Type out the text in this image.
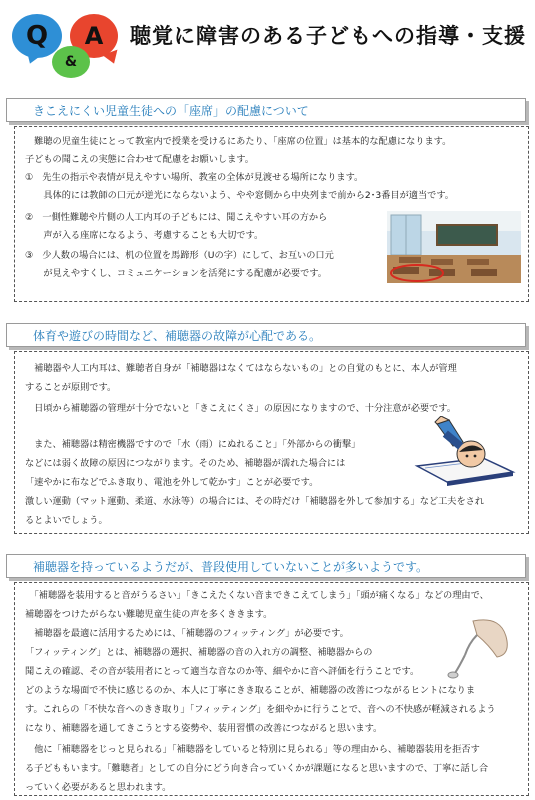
Q A
&
聴覚に障害のある子どもへの指導・支援
きこえにくい児童生徒への「座席」の配慮について
　難聴の児童生徒にとって教室内で授業を受けるにあたり、「座席の位置」は基本的な配慮になります。
子どもの聞こえの実態に合わせて配慮をお願いします。
①　先生の指示や表情が見えやすい場所、教室の全体が見渡せる場所になります。
　　具体的には教師の口元が逆光にならないよう、やや窓側から中央列まで前から2･3番目が適当です。
②　一側性難聴や片側の人工内耳の子どもには、聞こえやすい耳の方から
　　声が入る座席になるよう、考慮することも大切です。
③　少人数の場合には、机の位置を馬蹄形（Uの字）にして、お互いの口元
　　が見えやすくし、コミュニケーションを活発にする配慮が必要です。
体育や遊びの時間など、補聴器の故障が心配である。
　補聴器や人工内耳は、難聴者自身が「補聴器はなくてはならないもの」との自覚のもとに、本人が管理
することが原則です。
　日頃から補聴器の管理が十分でないと「きこえにくさ」の原因になりますので、十分注意が必要です。
　また、補聴器は精密機器ですので「水（雨）にぬれること」「外部からの衝撃」
などには弱く故障の原因につながります。そのため、補聴器が濡れた場合には
「速やかに布などでふき取り、電池を外して乾かす」ことが必要です。
激しい運動（マット運動、柔道、水泳等）の場合には、その時だけ「補聴器を外して参加する」など工夫をされ
るとよいでしょう。
補聴器を持っているようだが、普段使用していないことが多いようです。
　「補聴器を装用すると音がうるさい」「きこえたくない音まできこえてしまう」「頭が痛くなる」などの理由で、
補聴器をつけたがらない難聴児童生徒の声を多くききます。
　補聴器を最適に活用するためには、「補聴器のフィッティング」が必要です。
「フィッティング」とは、補聴器の選択、補聴器の音の入れ方の調整、補聴器からの
聞こえの確認、その音が装用者にとって適当な音なのか等、細やかに音へ評価を行うことです。
どのような場面で不快に感じるのか、本人に丁寧にきき取ることが、補聴器の改善につながるヒントになりま
す。これらの「不快な音へのきき取り」「フィッティング」を細やかに行うことで、音への不快感が軽減されるよう
になり、補聴器を通してきこうとする姿勢や、装用習慣の改善につながると思います。
　他に「補聴器をじっと見られる」「補聴器をしていると特別に見られる」等の理由から、補聴器装用を拒否す
る子どももいます。「難聴者」としての自分にどう向き合っていくかが課題になると思いますので、丁寧に話し合
っていく必要があると思われます。
